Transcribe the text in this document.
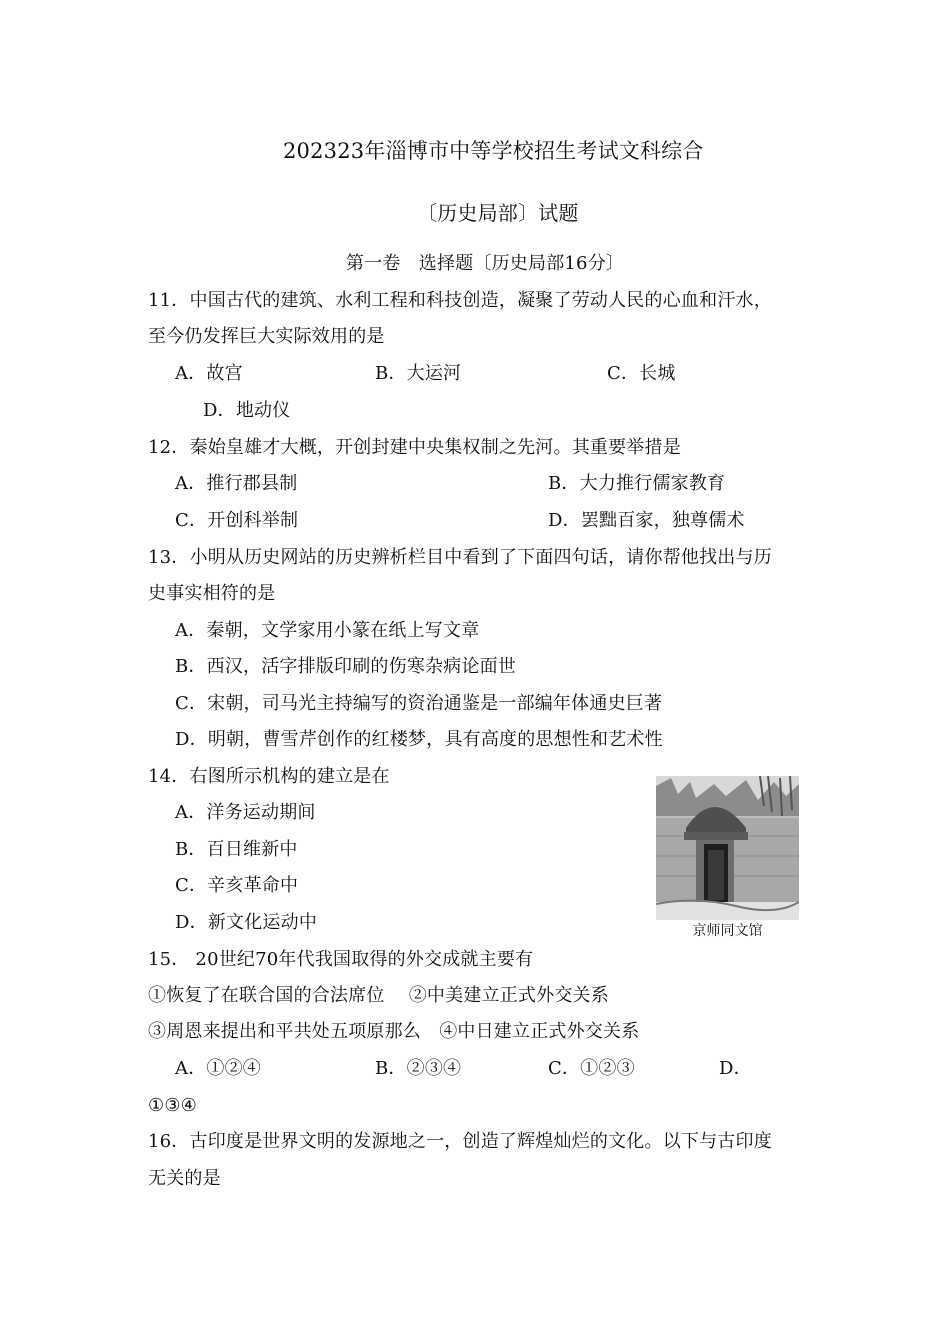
202323年淄博市中等学校招生考试文科综合
〔历史局部〕试题
第一卷　选择题〔历史局部16分〕
11．中国古代的建筑、水利工程和科技创造，凝聚了劳动人民的心血和汗水，
至今仍发挥巨大实际效用的是
A．故宫	B．大运河	C．长城
D．地动仪
12．秦始皇雄才大概，开创封建中央集权制之先河。其重要举措是
A．推行郡县制	B．大力推行儒家教育
C．开创科举制	D．罢黜百家，独尊儒术
13．小明从历史网站的历史辨析栏目中看到了下面四句话，请你帮他找出与历
史事实相符的是
A．秦朝，文学家用小篆在纸上写文章
B．西汉，活字排版印刷的伤寒杂病论面世
C．宋朝，司马光主持编写的资治通鉴是一部编年体通史巨著
D．明朝，曹雪芹创作的红楼梦，具有高度的思想性和艺术性
14．右图所示机构的建立是在
A．洋务运动期间
B．百日维新中
C．辛亥革命中
D．新文化运动中	京师同文馆
15． 20世纪70年代我国取得的外交成就主要有
①恢复了在联合国的合法席位　 ②中美建立正式外交关系
③周恩来提出和平共处五项原那么　④中日建立正式外交关系
A．①②④	B．②③④	C．①②③	D．
①③④
16．古印度是世界文明的发源地之一，创造了辉煌灿烂的文化。以下与古印度
无关的是
